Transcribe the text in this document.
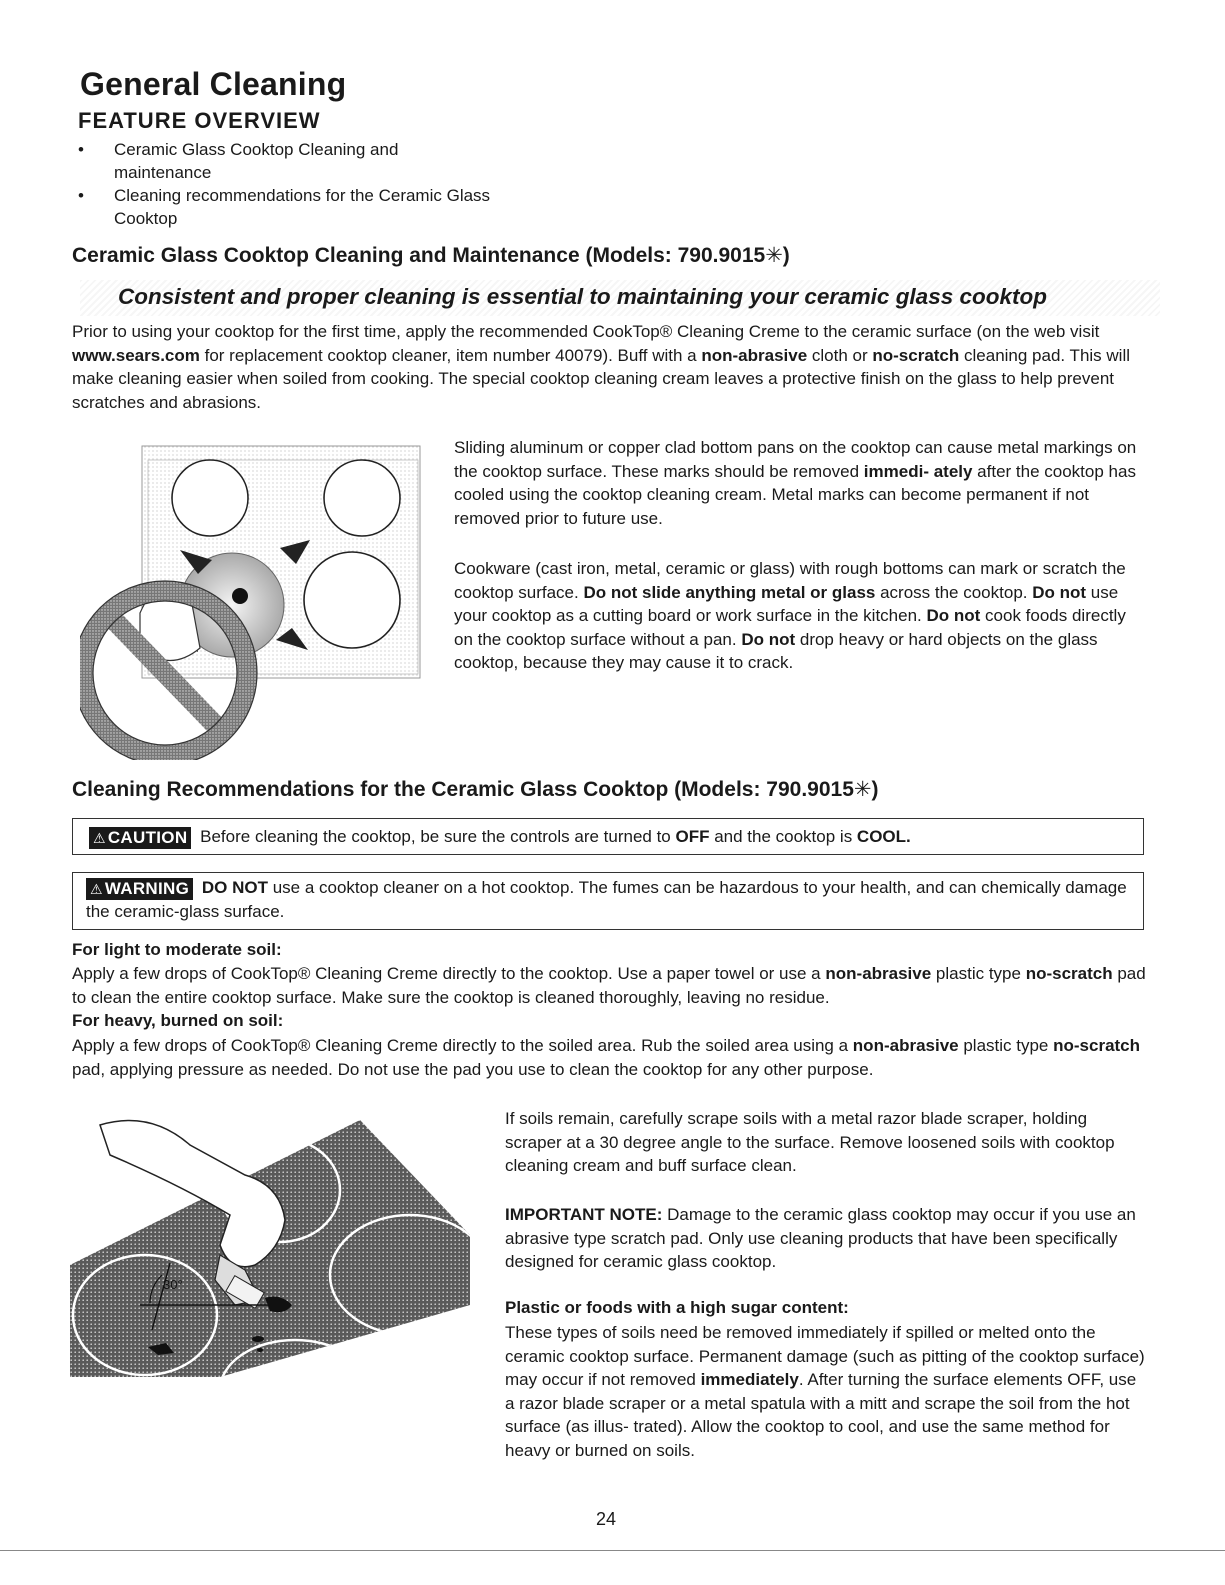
General Cleaning
FEATURE OVERVIEW
• Ceramic Glass Cooktop Cleaning and maintenance
• Cleaning recommendations for the Ceramic Glass Cooktop
Ceramic Glass Cooktop Cleaning and Maintenance (Models: 790.9015✳)
Consistent and proper cleaning is essential to maintaining your ceramic glass cooktop
Prior to using your cooktop for the first time, apply the recommended CookTop® Cleaning Creme to the ceramic surface (on the web visit www.sears.com for replacement cooktop cleaner, item number 40079). Buff with a non-abrasive cloth or no-scratch cleaning pad. This will make cleaning easier when soiled from cooking. The special cooktop cleaning cream leaves a protective finish on the glass to help prevent scratches and abrasions.
Sliding aluminum or copper clad bottom pans on the cooktop can cause metal markings on the cooktop surface. These marks should be removed immedi- ately after the cooktop has cooled using the cooktop cleaning cream. Metal marks can become permanent if not removed prior to future use.
Cookware (cast iron, metal, ceramic or glass) with rough bottoms can mark or scratch the cooktop surface. Do not slide anything metal or glass across the cooktop. Do not use your cooktop as a cutting board or work surface in the kitchen. Do not cook foods directly on the cooktop surface without a pan. Do not drop heavy or hard objects on the glass cooktop, because they may cause it to crack.
Cleaning Recommendations for the Ceramic Glass Cooktop (Models: 790.9015✳)
⚠ CAUTION Before cleaning the cooktop, be sure the controls are turned to OFF and the cooktop is COOL.
⚠ WARNING DO NOT use a cooktop cleaner on a hot cooktop. The fumes can be hazardous to your health, and can chemically damage the ceramic-glass surface.
For light to moderate soil:
Apply a few drops of CookTop® Cleaning Creme directly to the cooktop. Use a paper towel or use a non-abrasive plastic type no-scratch pad to clean the entire cooktop surface. Make sure the cooktop is cleaned thoroughly, leaving no residue.
For heavy, burned on soil:
Apply a few drops of CookTop® Cleaning Creme directly to the soiled area. Rub the soiled area using a non-abrasive plastic type no-scratch pad, applying pressure as needed. Do not use the pad you use to clean the cooktop for any other purpose.
30°
If soils remain, carefully scrape soils with a metal razor blade scraper, holding scraper at a 30 degree angle to the surface. Remove loosened soils with cooktop cleaning cream and buff surface clean.
IMPORTANT NOTE: Damage to the ceramic glass cooktop may occur if you use an abrasive type scratch pad. Only use cleaning products that have been specifically designed for ceramic glass cooktop.
Plastic or foods with a high sugar content:
These types of soils need be removed immediately if spilled or melted onto the ceramic cooktop surface. Permanent damage (such as pitting of the cooktop surface) may occur if not removed immediately. After turning the surface elements OFF, use a razor blade scraper or a metal spatula with a mitt and scrape the soil from the hot surface (as illus- trated). Allow the cooktop to cool, and use the same method for heavy or burned on soils.
24
